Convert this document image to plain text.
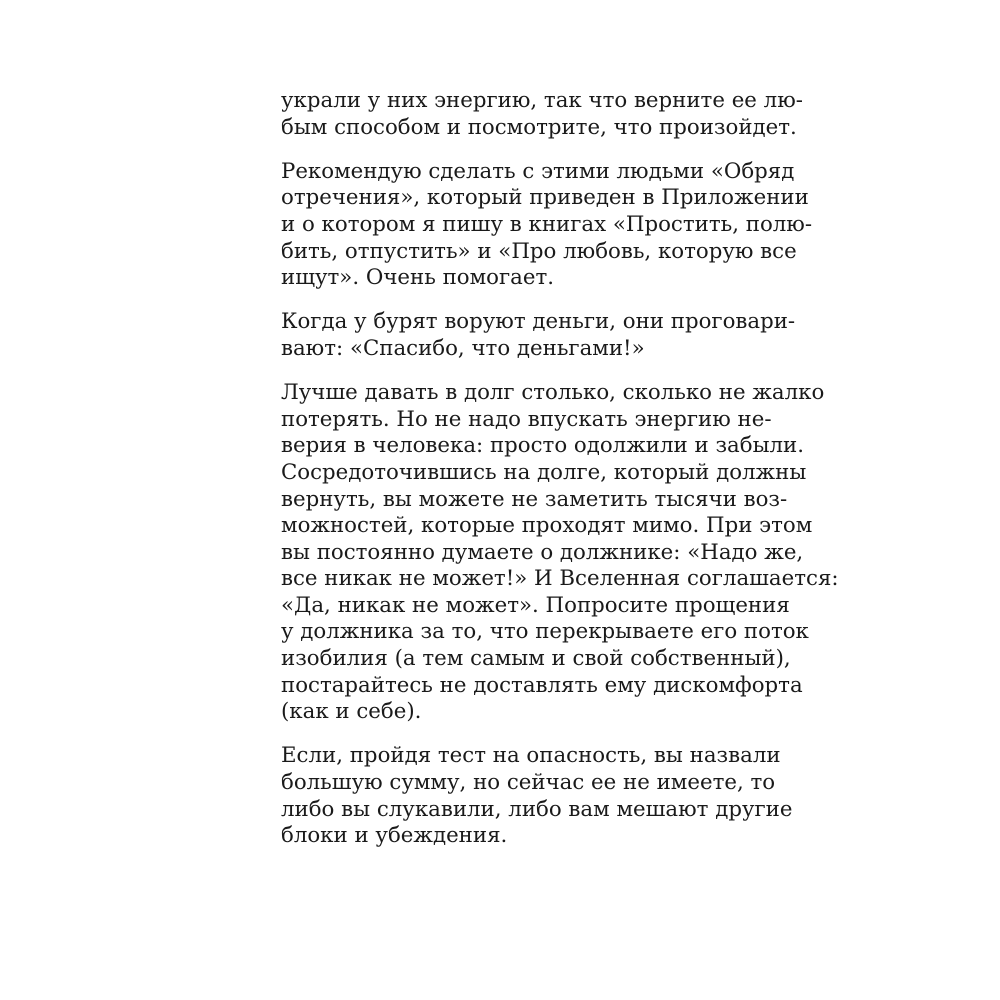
украли у них энергию, так что верните ее лю-
бым способом и посмотрите, что произойдет.
Рекомендую сделать с этими людьми «Обряд
отречения», который приведен в Приложении
и о котором я пишу в книгах «Простить, полю-
бить, отпустить» и «Про любовь, которую все
ищут». Очень помогает.
Когда у бурят воруют деньги, они проговари-
вают: «Спасибо, что деньгами!»
Лучше давать в долг столько, сколько не жалко
потерять. Но не надо впускать энергию не-
верия в человека: просто одолжили и забыли.
Сосредоточившись на долге, который должны
вернуть, вы можете не заметить тысячи воз-
можностей, которые проходят мимо. При этом
вы постоянно думаете о должнике: «Надо же,
все никак не может!» И Вселенная соглашается:
«Да, никак не может». Попросите прощения
у должника за то, что перекрываете его поток
изобилия (а тем самым и свой собственный),
постарайтесь не доставлять ему дискомфорта
(как и себе).
Если, пройдя тест на опасность, вы назвали
большую сумму, но сейчас ее не имеете, то
либо вы слукавили, либо вам мешают другие
блоки и убеждения.
